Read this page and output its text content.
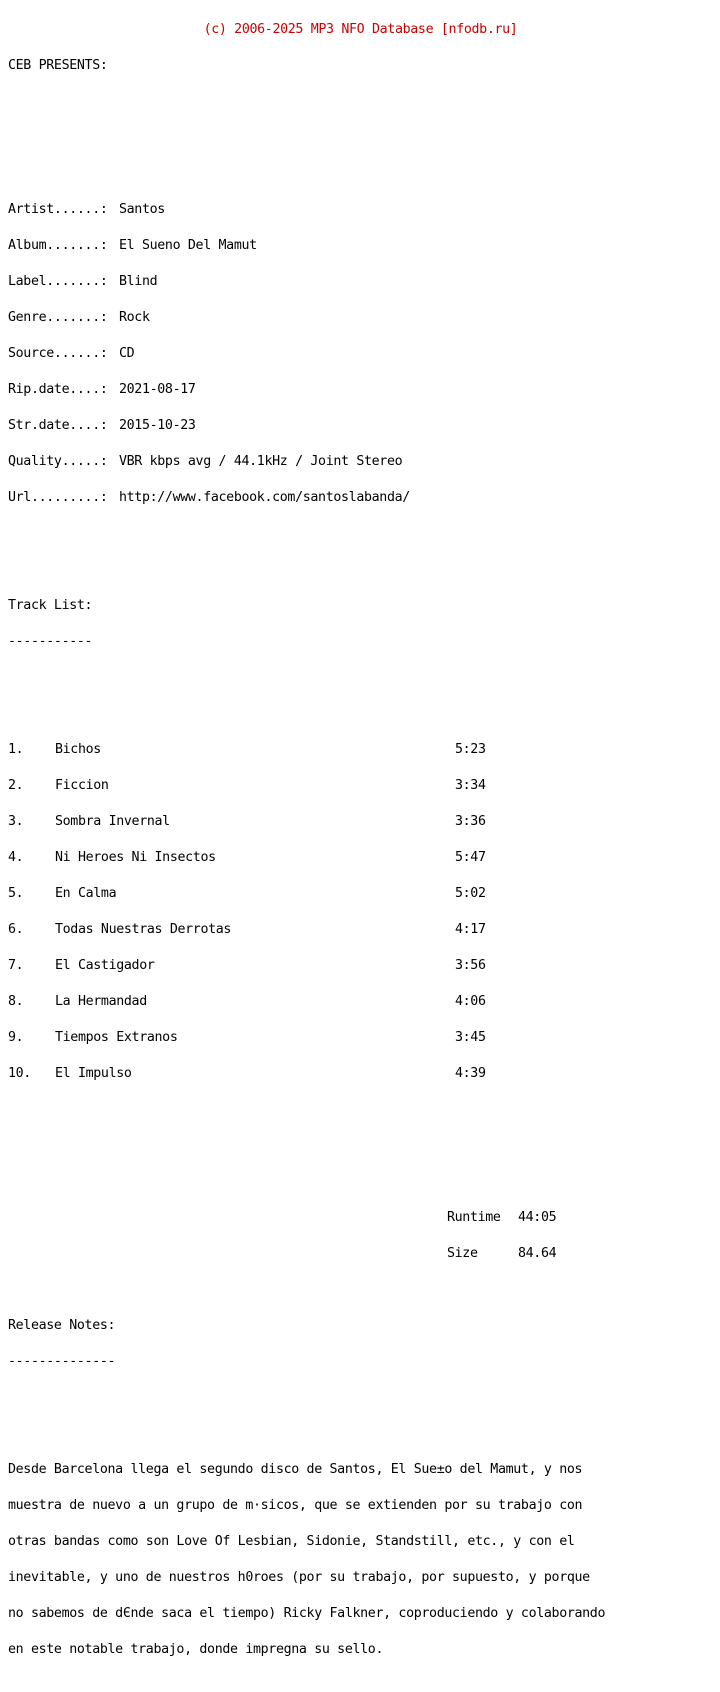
(c) 2006-2025 MP3 NFO Database [nfodb.ru]

CEB PRESENTS:

Artist......: Santos

Album.......: El Sueno Del Mamut

Label.......: Blind

Genre.......: Rock

Source......: CD

Rip.date....: 2021-08-17

Str.date....: 2015-10-23

Quality.....: VBR kbps avg / 44.1kHz / Joint Stereo

Url.........: http://www.facebook.com/santoslabanda/

Track List:

-----------

1.	Bichos	5:23

2.	Ficcion	3:34

3.	Sombra Invernal	3:36

4.	Ni Heroes Ni Insectos	5:47

5.	En Calma	5:02

6.	Todas Nuestras Derrotas	4:17

7.	El Castigador	3:56

8.	La Hermandad	4:06

9.	Tiempos Extranos	3:45

10.	El Impulso	4:39

Runtime	44:05

Size	84.64

Release Notes:

--------------

Desde Barcelona llega el segundo disco de Santos, El Sue±o del Mamut, y nos

muestra de nuevo a un grupo de m·sicos, que se extienden por su trabajo con

otras bandas como son Love Of Lesbian, Sidonie, Standstill, etc., y con el

inevitable, y uno de nuestros h0roes (por su trabajo, por supuesto, y porque

no sabemos de dЄnde saca el tiempo) Ricky Falkner, coproduciendo y colaborando

en este notable trabajo, donde impregna su sello.
